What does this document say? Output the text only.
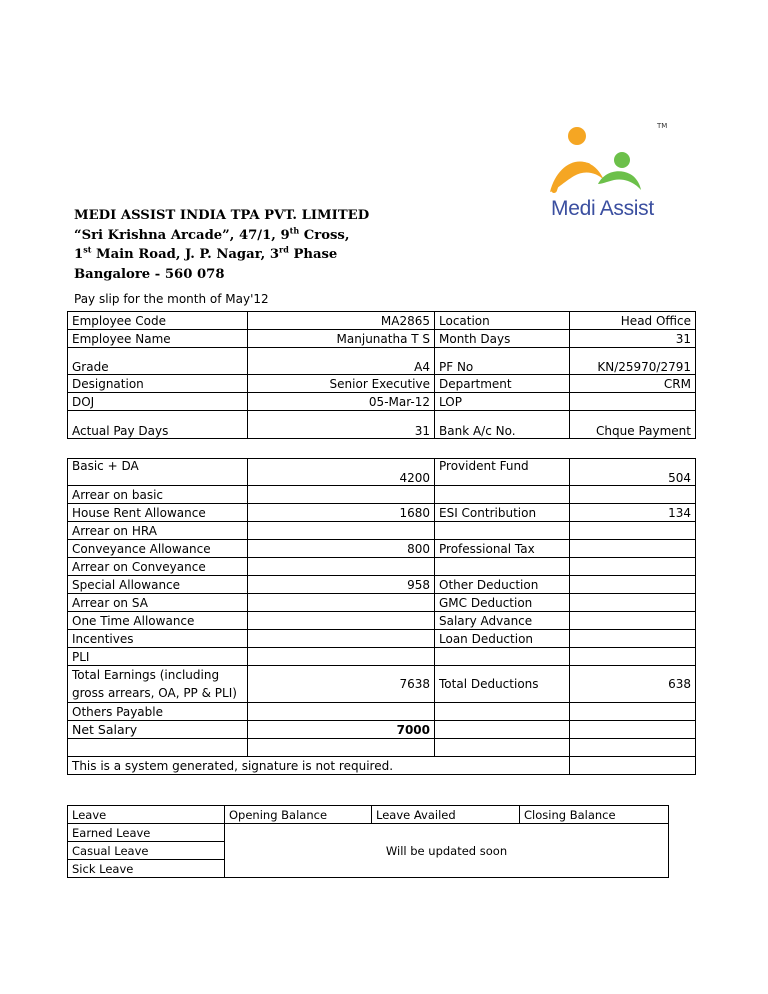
TM
Medi Assist
MEDI ASSIST INDIA TPA PVT. LIMITED
“Sri Krishna Arcade”, 47/1, 9th Cross,
1st Main Road, J. P. Nagar, 3rd Phase
Bangalore - 560 078
Pay slip for the month of May'12
Employee Code	MA2865	Location	Head Office
Employee Name	Manjunatha T S	Month Days	31
Grade	A4	PF No	KN/25970/2791
Designation	Senior Executive	Department	CRM
DOJ	05-Mar-12	LOP	
Actual Pay Days	31	Bank A/c No.	Chque Payment
Basic + DA	4200	Provident Fund	504
Arrear on basic			
House Rent Allowance	1680	ESI Contribution	134
Arrear on HRA			
Conveyance Allowance	800	Professional Tax	
Arrear on Conveyance			
Special Allowance	958	Other Deduction	
Arrear on SA		GMC Deduction	
One Time Allowance		Salary Advance	
Incentives		Loan Deduction	
PLI			

Total Earnings (including
gross arrears, OA, PP & PLI)	7638	Total Deductions	638
Others Payable			
Net Salary	7000		

This is a system generated, signature is not required.			
Leave	Opening Balance	Leave Availed	Closing Balance
Earned Leave	Will be updated soon		
Casual Leave			
Sick Leave			
